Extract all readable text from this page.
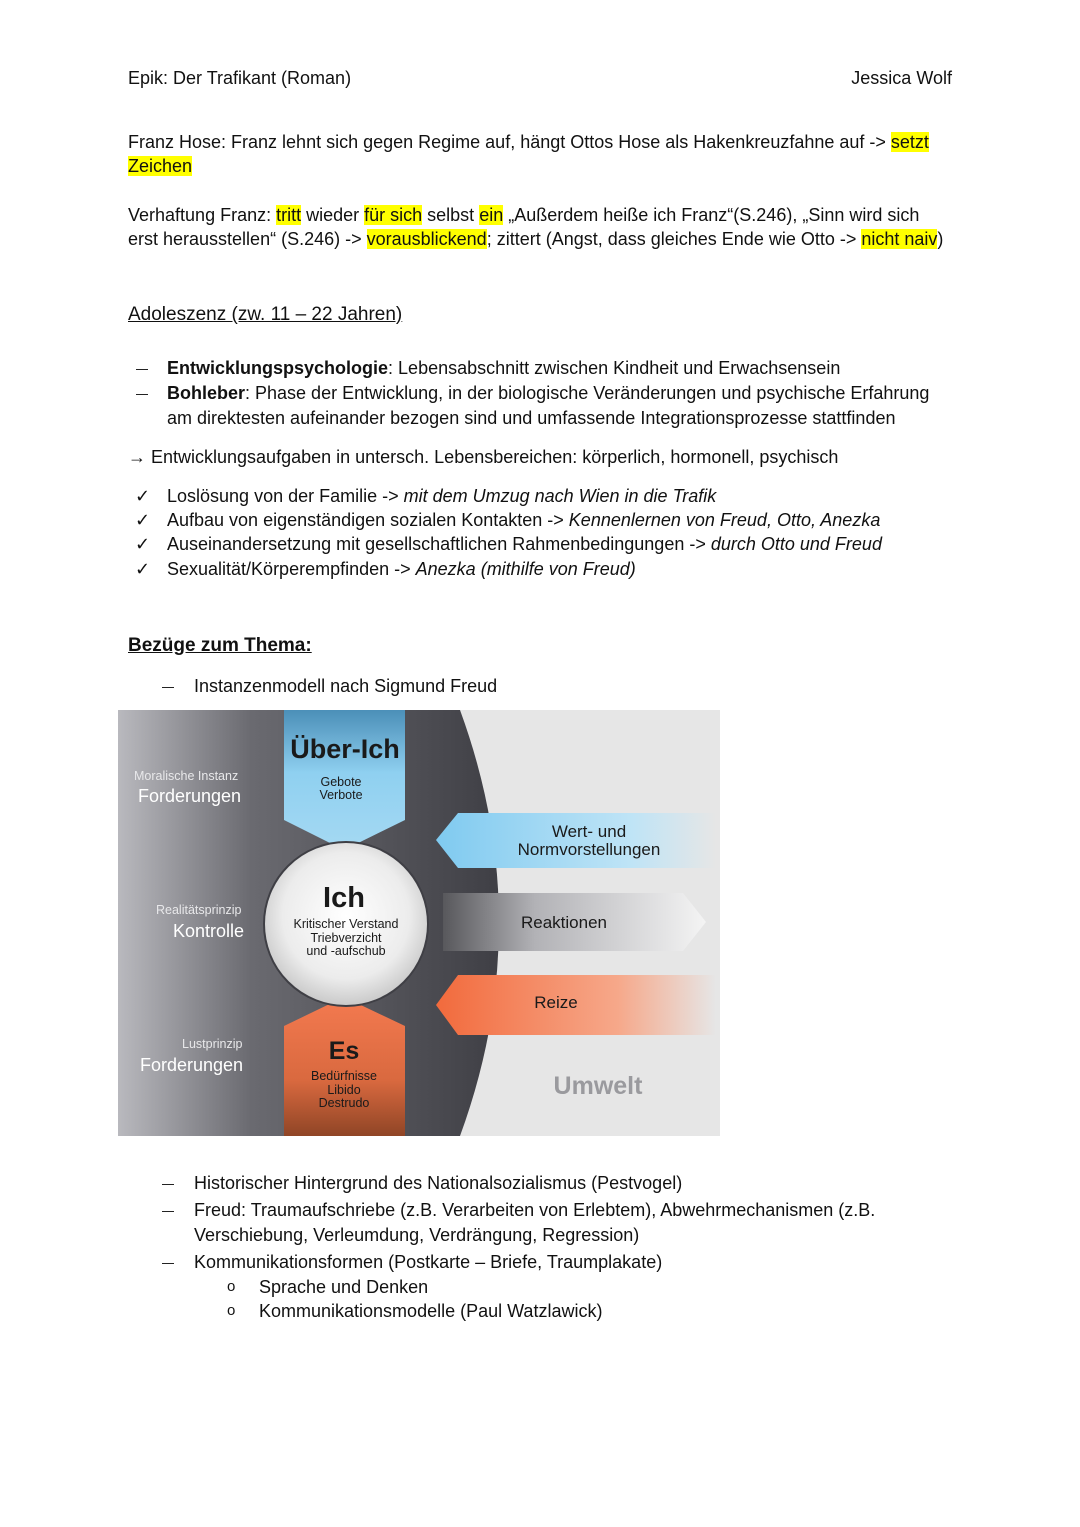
Epik: Der Trafikant (Roman)	Jessica Wolf
Franz Hose: Franz lehnt sich gegen Regime auf, hängt Ottos Hose als Hakenkreuzfahne auf -> setzt
Zeichen
Verhaftung Franz: tritt wieder für sich selbst ein „Außerdem heiße ich Franz“(S.246), „Sinn wird sich
erst herausstellen“ (S.246) -> vorausblickend; zittert (Angst, dass gleiches Ende wie Otto -> nicht naiv)
Adoleszenz (zw. 11 – 22 Jahren)
Entwicklungspsychologie: Lebensabschnitt zwischen Kindheit und Erwachsensein
Bohleber: Phase der Entwicklung, in der biologische Veränderungen und psychische Erfahrung
am direktesten aufeinander bezogen sind und umfassende Integrationsprozesse stattfinden
→ Entwicklungsaufgaben in untersch. Lebensbereichen: körperlich, hormonell, psychisch
✓ Loslösung von der Familie -> mit dem Umzug nach Wien in die Trafik
✓ Aufbau von eigenständigen sozialen Kontakten -> Kennenlernen von Freud, Otto, Anezka
✓ Auseinandersetzung mit gesellschaftlichen Rahmenbedingungen -> durch Otto und Freud
✓ Sexualität/Körperempfinden -> Anezka (mithilfe von Freud)
Bezüge zum Thema:
Instanzenmodell nach Sigmund Freud
Moralische Instanz
Forderungen
Realitätsprinzip
Kontrolle
Lustprinzip
Forderungen
Über-Ich
Gebote
Verbote
Ich
Kritischer Verstand
Triebverzicht
und -aufschub
Es
Bedürfnisse
Libido
Destrudo
Wert- und
Normvorstellungen
Reaktionen
Reize
Umwelt
Historischer Hintergrund des Nationalsozialismus (Pestvogel)
Freud: Traumaufschriebe (z.B. Verarbeiten von Erlebtem), Abwehrmechanismen (z.B.
Verschiebung, Verleumdung, Verdrängung, Regression)
Kommunikationsformen (Postkarte – Briefe, Traumplakate)
o Sprache und Denken
o Kommunikationsmodelle (Paul Watzlawick)
